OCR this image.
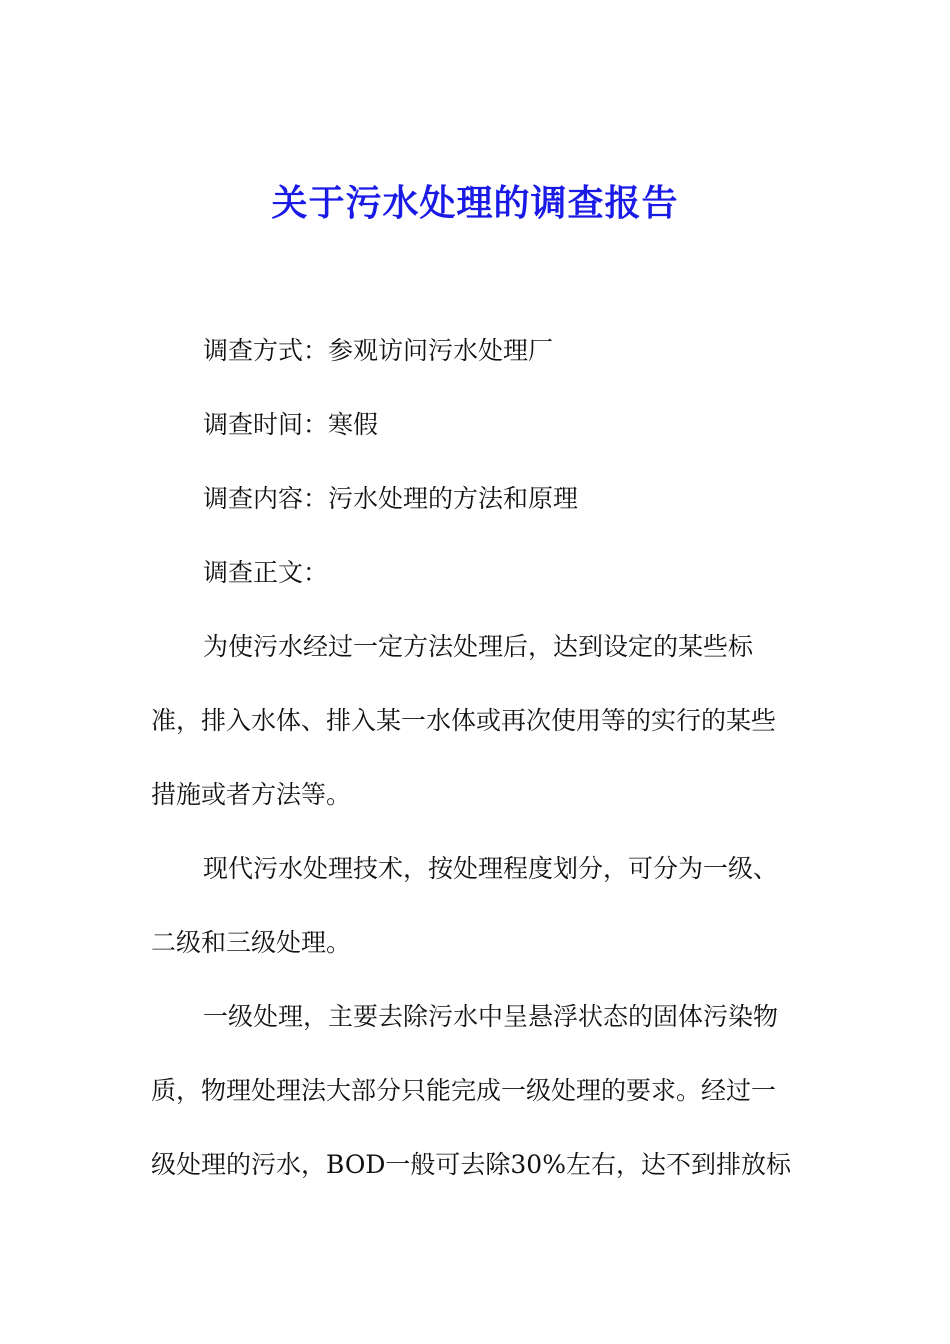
关于污水处理的调查报告
调查方式：参观访问污水处理厂
调查时间：寒假
调查内容：污水处理的方法和原理
调查正文：
为使污水经过一定方法处理后，达到设定的某些标
准，排入水体、排入某一水体或再次使用等的实行的某些
措施或者方法等。
现代污水处理技术，按处理程度划分，可分为一级、
二级和三级处理。
一级处理，主要去除污水中呈悬浮状态的固体污染物
质，物理处理法大部分只能完成一级处理的要求。经过一
级处理的污水，BOD一般可去除30%左右，达不到排放标
